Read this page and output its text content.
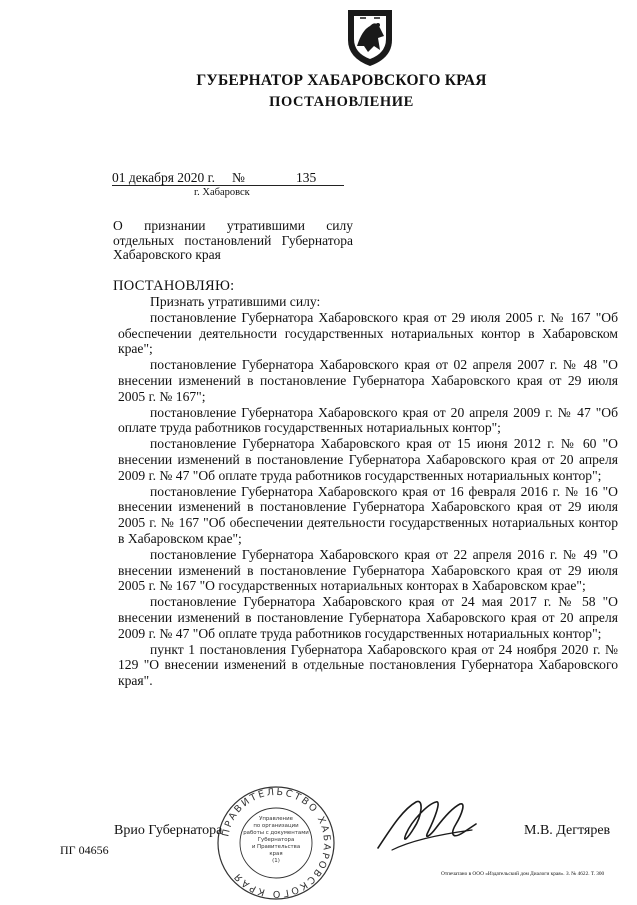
ГУБЕРНАТОР ХАБАРОВСКОГО КРАЯ
ПОСТАНОВЛЕНИЕ
01 декабря 2020 г. №	135
г. Хабаровск
О признании утратившими силу отдельных постановлений Губернатора Хабаровского края
ПОСТАНОВЛЯЮ:

Признать утратившими силу:

постановление Губернатора Хабаровского края от 29 июля 2005 г. № 167 "Об обеспечении деятельности государственных нотариальных контор в Хабаровском крае";

постановление Губернатора Хабаровского края от 02 апреля 2007 г. № 48 "О внесении изменений в постановление Губернатора Хабаровского края от 29 июля 2005 г. № 167";

постановление Губернатора Хабаровского края от 20 апреля 2009 г. № 47 "Об оплате труда работников государственных нотариальных контор";

постановление Губернатора Хабаровского края от 15 июня 2012 г. № 60 "О внесении изменений в постановление Губернатора Хабаровского края от 20 апреля 2009 г. № 47 "Об оплате труда работников государственных нотариальных контор";

постановление Губернатора Хабаровского края от 16 февраля 2016 г. № 16 "О внесении изменений в постановление Губернатора Хабаровского края от 29 июля 2005 г. № 167 "Об обеспечении деятельности государственных нотариальных контор в Хабаровском крае";

постановление Губернатора Хабаровского края от 22 апреля 2016 г. № 49 "О внесении изменений в постановление Губернатора Хабаровского края от 29 июля 2005 г. № 167 "О государственных нотариальных конторах в Хабаровском крае";

постановление Губернатора Хабаровского края от 24 мая 2017 г. № 58 "О внесении изменений в постановление Губернатора Хабаровского края от 20 апреля 2009 г. № 47 "Об оплате труда работников государственных нотариальных контор";

пункт 1 постановления Губернатора Хабаровского края от 24 ноября 2020 г. № 129 "О внесении изменений в отдельные постановления Губернатора Хабаровского края".

ПРАВИТЕЛЬСТВО ХАБАРОВСКОГО КРАЯ
Управление
по организации
работы с документами
Губернатора
и Правительства
края
(1)
Врио Губернатора	М.В. Дегтярев
ПГ 04656
Отпечатано в ООО «Издательский дом Диалоги края». З. № 4622. Т. 300
